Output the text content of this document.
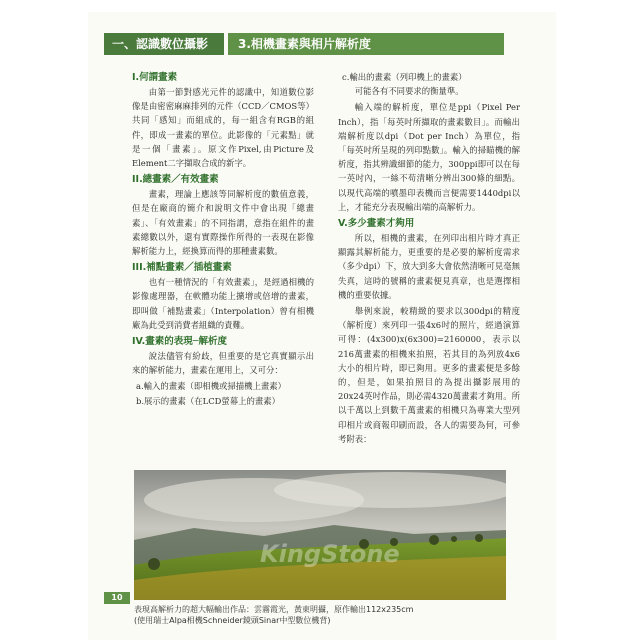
一、認識數位攝影	3.相機畫素與相片解析度
I.何謂畫素

由第一節對感光元件的認識中，知道數位影像是由密密麻麻排列的元件（CCD／CMOS等）共同「感知」而組成的，每一組含有RGB的組件，即成一畫素的單位。此影像的「元素點」就是一個「畫素」。原文作Pixel,由Picture及Element二字擷取合成的新字。

II.總畫素／有效畫素

畫素，理論上應該等同解析度的數值意義，但是在廠商的簡介和說明文件中會出現「總畫素」、「有效畫素」的不同指謂，意指在組件的畫素總數以外，還有實際操作所得的一表現在影像解析能力上，經換算而得的那種畫素數。

III.補點畫素／插植畫素

也有一種情況的「有效畫素」，是經過相機的影像處理器，在軟體功能上擴增或倍增的畫素，即叫做「補點畫素」（Interpolation）曾有相機廠為此受到消費者組織的責難。

IV.畫素的表現─解析度

說法儘管有紛歧，但重要的是它真實顯示出來的解析能力，畫素在運用上，又可分：

a.輸入的畫素（即相機或掃描機上畫素）
b.展示的畫素（在LCD螢幕上的畫素）
c.輸出的畫素（列印機上的畫素）

可能各有不同要求的衡量準。

輸入端的解析度，單位是ppi（Pixel Per Inch），指「每英吋所擷取的畫素數目」。而輸出端解析度以dpi（Dot per Inch）為單位，指「每英吋所呈現的列印點數」。輸入的掃瞄機的解析度，指其辨識細節的能力，300ppi即可以在每一英吋內，一絲不苟清晰分辨出300條的細點。以現代高端的噴墨印表機而言便需要1440dpi以上，才能充分表現輸出端的高解析力。

V.多少畫素才夠用

所以，相機的畫素，在列印出相片時才真正顯露其解析能力，更重要的是必要的解析度需求（多少dpi）下，放大到多大會依然清晰可見毫無失真，這時的號稱的畫素便見真章，也是選擇相機的重要依據。

舉例來說，較精緻的要求以300dpi的精度（解析度）來列印一張4x6吋的照片，經過演算可得：(4x300)x(6x300)=2160000，表示以216萬畫素的相機來拍照，若其目的為列放4x6大小的相片時，即已夠用。更多的畫素便是多餘的，但是，如果拍照目的為提出攝影展用的20x24英吋作品，則必需4320萬畫素才夠用。所以千萬以上到數千萬畫素的相機只為專業大型列印相片或商報印刷而設，各人的需要為何，可參考附表：

KingStone
10
表現高解析力的超大幅輸出作品：雲霧霞光，黃東明攝，原作輸出112x235cm
(使用瑞士Alpa相機Schneider鏡頭Sinar中型數位機背)
